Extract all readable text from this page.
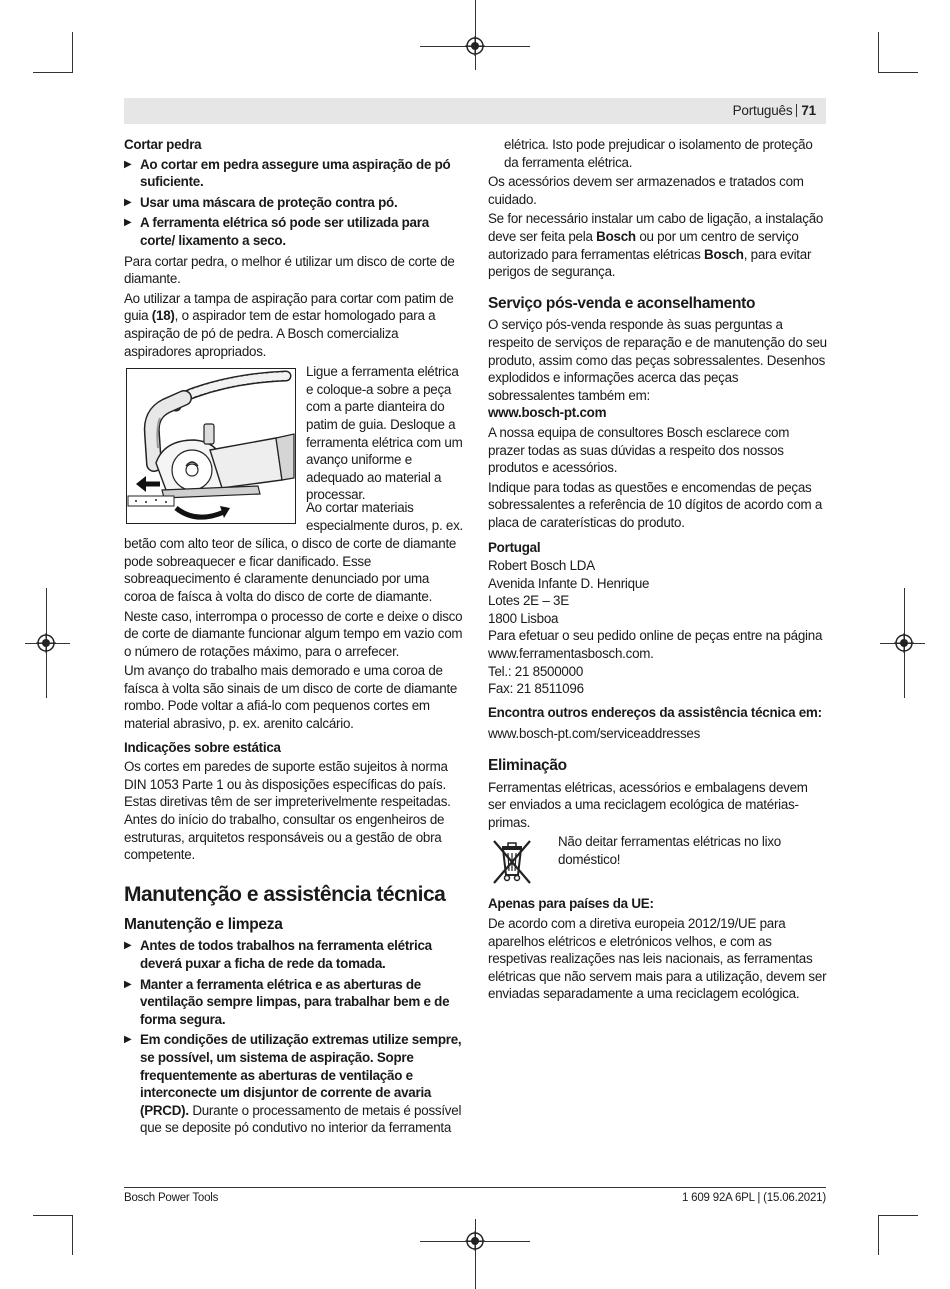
Português 71
Cortar pedra
▶ Ao cortar em pedra assegure uma aspiração de pó suficiente.
▶ Usar uma máscara de proteção contra pó.
▶ A ferramenta elétrica só pode ser utilizada para corte/ lixamento a seco.
Para cortar pedra, o melhor é utilizar um disco de corte de diamante.
Ao utilizar a tampa de aspiração para cortar com patim de guia (18), o aspirador tem de estar homologado para a aspiração de pó de pedra. A Bosch comercializa aspiradores apropriados.
Ligue a ferramenta elétrica e coloque-a sobre a peça com a parte dianteira do patim de guia. Desloque a ferramenta elétrica com um avanço uniforme e adequado ao material a processar.
Ao cortar materiais especialmente duros, p. ex.
betão com alto teor de sílica, o disco de corte de diamante pode sobreaquecer e ficar danificado. Esse sobreaquecimento é claramente denunciado por uma coroa de faísca à volta do disco de corte de diamante.
Neste caso, interrompa o processo de corte e deixe o disco de corte de diamante funcionar algum tempo em vazio com o número de rotações máximo, para o arrefecer.
Um avanço do trabalho mais demorado e uma coroa de faísca à volta são sinais de um disco de corte de diamante rombo. Pode voltar a afiá-lo com pequenos cortes em material abrasivo, p. ex. arenito calcário.
Indicações sobre estática
Os cortes em paredes de suporte estão sujeitos à norma DIN 1053 Parte 1 ou às disposições específicas do país. Estas diretivas têm de ser impreterivelmente respeitadas. Antes do início do trabalho, consultar os engenheiros de estruturas, arquitetos responsáveis ou a gestão de obra competente.
Manutenção e assistência técnica
Manutenção e limpeza
▶ Antes de todos trabalhos na ferramenta elétrica deverá puxar a ficha de rede da tomada.
▶ Manter a ferramenta elétrica e as aberturas de ventilação sempre limpas, para trabalhar bem e de forma segura.
▶ Em condições de utilização extremas utilize sempre, se possível, um sistema de aspiração. Sopre frequentemente as aberturas de ventilação e interconecte um disjuntor de corrente de avaria (PRCD). Durante o processamento de metais é possível que se deposite pó condutivo no interior da ferramenta
elétrica. Isto pode prejudicar o isolamento de proteção da ferramenta elétrica.
Os acessórios devem ser armazenados e tratados com cuidado.
Se for necessário instalar um cabo de ligação, a instalação deve ser feita pela Bosch ou por um centro de serviço autorizado para ferramentas elétricas Bosch, para evitar perigos de segurança.
Serviço pós-venda e aconselhamento
O serviço pós-venda responde às suas perguntas a respeito de serviços de reparação e de manutenção do seu produto, assim como das peças sobressalentes. Desenhos explodidos e informações acerca das peças sobressalentes também em:
www.bosch-pt.com
A nossa equipa de consultores Bosch esclarece com prazer todas as suas dúvidas a respeito dos nossos produtos e acessórios.
Indique para todas as questões e encomendas de peças sobressalentes a referência de 10 dígitos de acordo com a placa de caraterísticas do produto.
Portugal
Robert Bosch LDA
Avenida Infante D. Henrique
Lotes 2E – 3E
1800 Lisboa
Para efetuar o seu pedido online de peças entre na página www.ferramentasbosch.com.
Tel.: 21 8500000
Fax: 21 8511096
Encontra outros endereços da assistência técnica em:
www.bosch-pt.com/serviceaddresses
Eliminação
Ferramentas elétricas, acessórios e embalagens devem ser enviados a uma reciclagem ecológica de matérias-primas.
Não deitar ferramentas elétricas no lixo doméstico!
Apenas para países da UE:
De acordo com a diretiva europeia 2012/19/UE para aparelhos elétricos e eletrónicos velhos, e com as respetivas realizações nas leis nacionais, as ferramentas elétricas que não servem mais para a utilização, devem ser enviadas separadamente a uma reciclagem ecológica.
Bosch Power Tools	1 609 92A 6PL | (15.06.2021)
